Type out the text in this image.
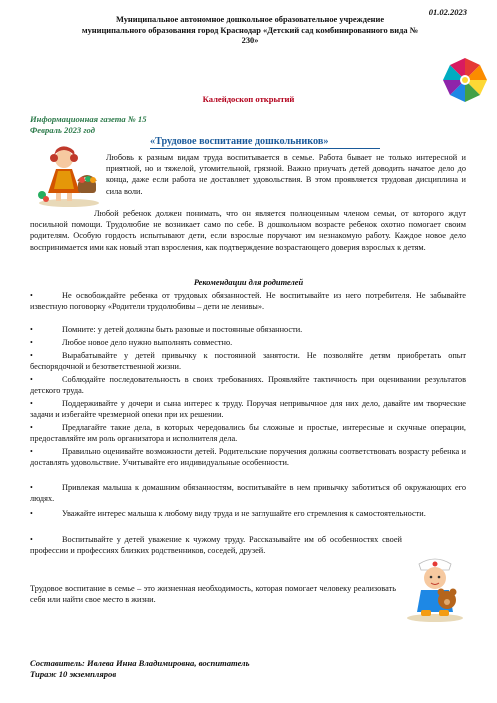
01.02.2023
Муниципальное автономное дошкольное образовательное учреждение
муниципального образования город Краснодар «Детский сад комбинированного вида №
230»
Калейдоскоп открытий
Информационная газета № 15
Февраль 2023 год
«Трудовое воспитание дошкольников»
Любовь к разным видам труда воспитывается в семье. Работа бывает не только интересной и приятной, но и тяжелой, утомительной, грязной. Важно приучать детей доводить начатое дело до конца, даже если работа не доставляет удовольствия. В этом проявляется трудовая дисциплина и сила воли.
Любой ребенок должен понимать, что он является полноценным членом семьи, от которого ждут посильной помощи. Трудолюбие не возникает само по себе. В дошкольном возрасте ребенок охотно помогает своим родителям. Особую гордость испытывают дети, если взрослые поручают им незнакомую работу. Каждое новое дело воспринимается ими как новый этап взросления, как подтверждение возрастающего доверия взрослых к детям.
Рекомендации для родителей
•	Не освобождайте ребенка от трудовых обязанностей. Не воспитывайте из него потребителя. Не забывайте известную поговорку «Родители трудолюбивы – дети не ленивы».
•	Помните: у детей должны быть разовые и постоянные обязанности.
•	Любое новое дело нужно выполнять совместно.
•	Вырабатывайте у детей привычку к постоянной занятости. Не позволяйте детям приобретать опыт беспорядочной и безответственной жизни.
•	Соблюдайте последовательность в своих требованиях. Проявляйте тактичность при оценивании результатов детского труда.
•	Поддерживайте у дочери и сына интерес к труду. Поручая непривычное для них дело, давайте им творческие задачи и избегайте чрезмерной опеки при их решении.
•	Предлагайте такие дела, в которых чередовались бы сложные и простые, интересные и скучные операции, предоставляйте им роль организатора и исполнителя дела.
•	Правильно оценивайте возможности детей. Родительские поручения должны соответствовать возрасту ребенка и доставлять удовольствие. Учитывайте его индивидуальные особенности.
•	Привлекая малыша к домашним обязанностям, воспитывайте в нем привычку заботиться об окружающих его людях.
•	Уважайте интерес малыша к любому виду труда и не заглушайте его стремления к самостоятельности.
•	Воспитывайте у детей уважение к чужому труду. Рассказывайте им об особенностях своей профессии и профессиях близких родственников, соседей, друзей.
Трудовое воспитание в семье – это жизненная необходимость, которая помогает человеку реализовать себя или найти свое место в жизни.
Составитель: Ивлева Инна Владимировна, воспитатель
Тираж 10 экземпляров
